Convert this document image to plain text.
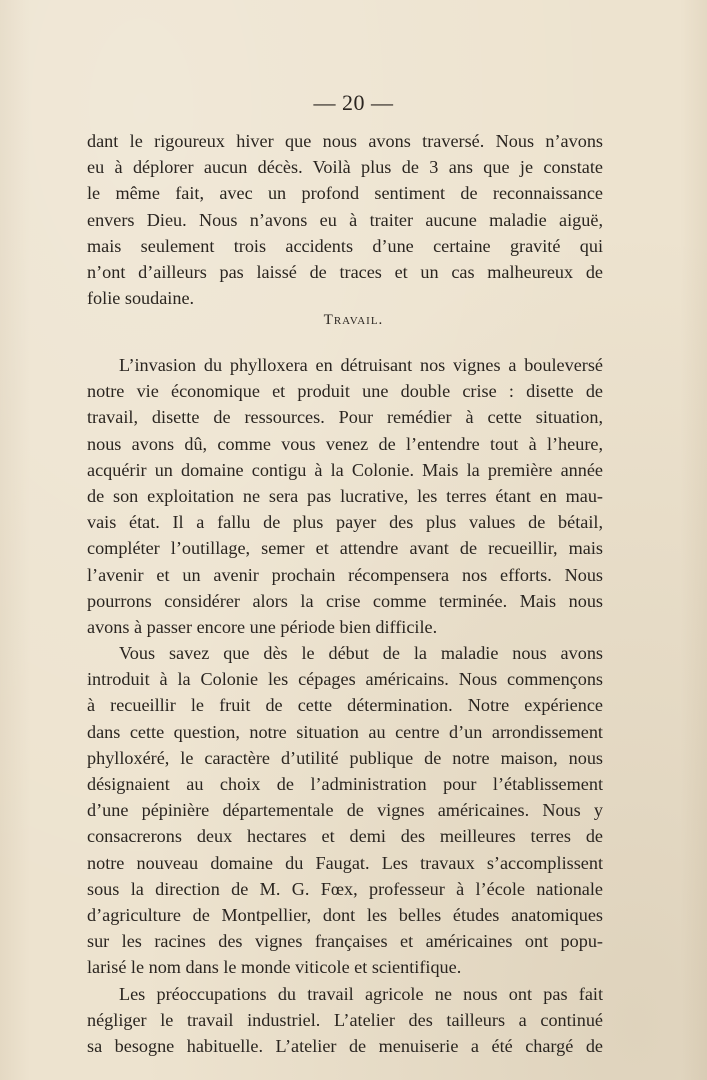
— 20 —
dant le rigoureux hiver que nous avons traversé. Nous n’avons
eu à déplorer aucun décès. Voilà plus de 3 ans que je constate
le même fait, avec un profond sentiment de reconnaissance
envers Dieu. Nous n’avons eu à traiter aucune maladie aiguë,
mais seulement trois accidents d’une certaine gravité qui
n’ont d’ailleurs pas laissé de traces et un cas malheureux de
folie soudaine.
Travail.
L’invasion du phylloxera en détruisant nos vignes a bouleversé
notre vie économique et produit une double crise : disette de
travail, disette de ressources. Pour remédier à cette situation,
nous avons dû, comme vous venez de l’entendre tout à l’heure,
acquérir un domaine contigu à la Colonie. Mais la première année
de son exploitation ne sera pas lucrative, les terres étant en mau-
vais état. Il a fallu de plus payer des plus values de bétail,
compléter l’outillage, semer et attendre avant de recueillir, mais
l’avenir et un avenir prochain récompensera nos efforts. Nous
pourrons considérer alors la crise comme terminée. Mais nous
avons à passer encore une période bien difficile.
Vous savez que dès le début de la maladie nous avons
introduit à la Colonie les cépages américains. Nous commençons
à recueillir le fruit de cette détermination. Notre expérience
dans cette question, notre situation au centre d’un arrondissement
phylloxéré, le caractère d’utilité publique de notre maison, nous
désignaient au choix de l’administration pour l’établissement
d’une pépinière départementale de vignes américaines. Nous y
consacrerons deux hectares et demi des meilleures terres de
notre nouveau domaine du Faugat. Les travaux s’accomplissent
sous la direction de M. G. Fœx, professeur à l’école nationale
d’agriculture de Montpellier, dont les belles études anatomiques
sur les racines des vignes françaises et américaines ont popu-
larisé le nom dans le monde viticole et scientifique.
Les préoccupations du travail agricole ne nous ont pas fait
négliger le travail industriel. L’atelier des tailleurs a continué
sa besogne habituelle. L’atelier de menuiserie a été chargé de
